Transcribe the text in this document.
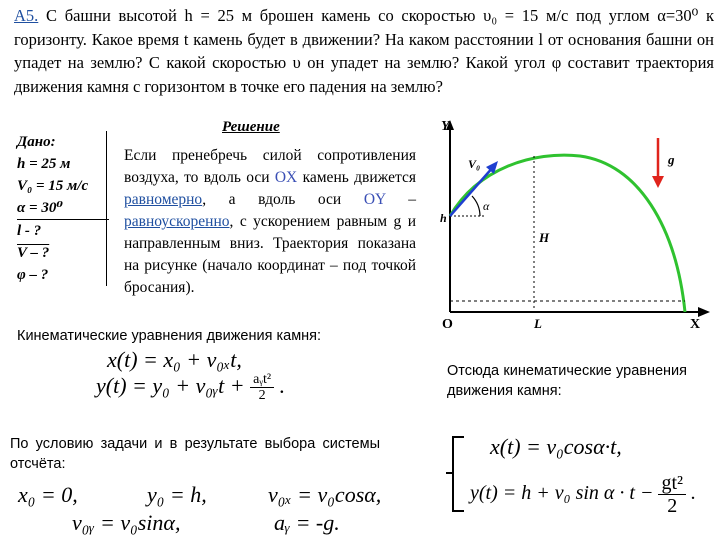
А5. С башни высотой h = 25 м брошен камень со скоростью υ₀ = 15 м/с под углом α=30⁰ к горизонту. Какое время t камень будет в движении? На каком расстоянии l от основания башни он упадет на землю? С какой скоростью υ он упадет на землю? Какой угол φ составит траектория движения камня с горизонтом в точке его падения на землю?
Решение
Дано:
h = 25 м
V₀ = 15 м/с
α = 30⁰
l - ?
V – ?
φ – ?
Если пренебречь силой сопротивления воздуха, то вдоль оси OX камень движется равномерно, а вдоль оси OY – равноускоренно, с ускорением равным g и направленным вниз. Траектория показана на рисунке (начало координат – под точкой бросания).
Y
X
O
h
H
L
V₀
α
g
Кинематические уравнения движения камня:
x(t) = x₀ + v₀ₓt,
y(t) = y₀ + v₀ᵧt + $\frac{\text{aᵧt²}}{2}$ .
Отсюда кинематические уравнения движения камня:
По условию задачи и в результате выбора системы отсчёта:
x₀ = 0,	y₀ = h,	v₀ₓ = v₀cosα,
v₀ᵧ = v₀sinα,	aᵧ = -g.
x(t) = v₀cosα·t,
y(t) = h + v₀ $\sin \alpha \cdot t - \frac{\text{gt²}}{2}$ .
